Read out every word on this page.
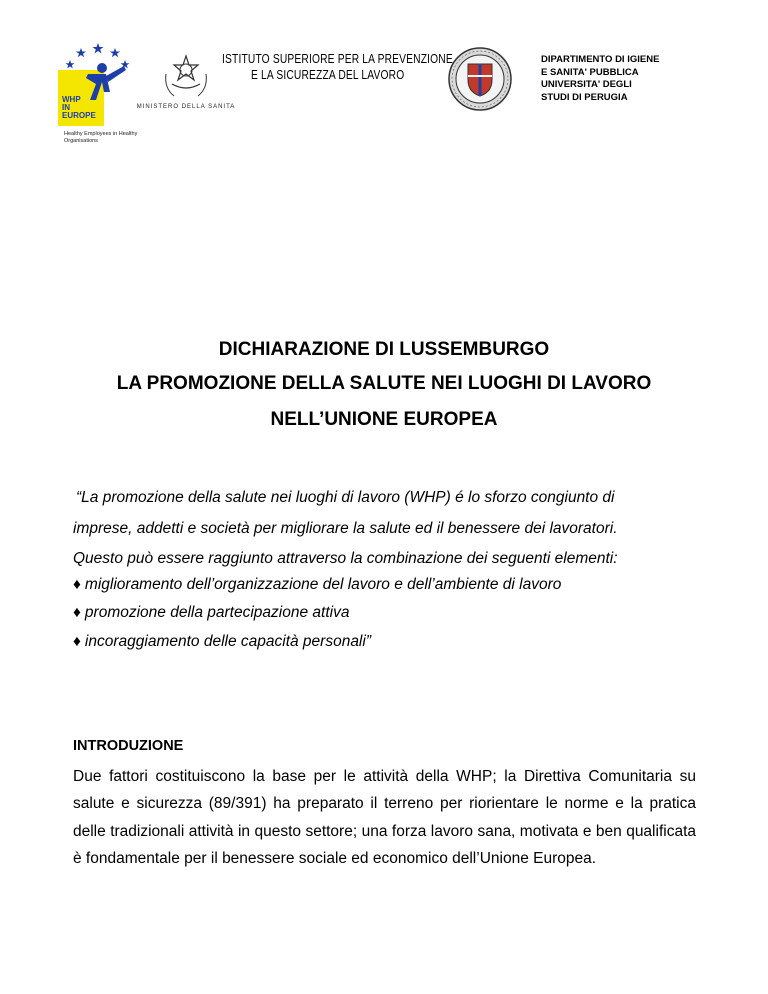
WHP
IN
EUROPE
Healthy Employees in Healthy Organisations
MINISTERO DELLA SANITA
ISTITUTO SUPERIORE PER LA PREVENZIONE
E LA SICUREZZA DEL LAVORO
DIPARTIMENTO DI IGIENE
E SANITA' PUBBLICA
UNIVERSITA' DEGLI
STUDI DI PERUGIA
DICHIARAZIONE DI LUSSEMBURGO
LA PROMOZIONE DELLA SALUTE NEI LUOGHI DI LAVORO
NELL’UNIONE EUROPEA
“La promozione della salute nei luoghi di lavoro (WHP) é lo sforzo congiunto di
imprese, addetti e società per migliorare la salute ed il benessere dei lavoratori.
Questo può essere raggiunto attraverso la combinazione dei seguenti elementi:
♦ miglioramento dell’organizzazione del lavoro e dell’ambiente di lavoro
♦ promozione della partecipazione attiva
♦ incoraggiamento delle capacità personali”
INTRODUZIONE
Due fattori costituiscono la base per le attività della WHP; la Direttiva Comunitaria su salute e sicurezza (89/391) ha preparato il terreno per riorientare le norme e la pratica delle tradizionali attività in questo settore; una forza lavoro sana, motivata e ben qualificata è fondamentale per il benessere sociale ed economico dell’Unione Europea.
